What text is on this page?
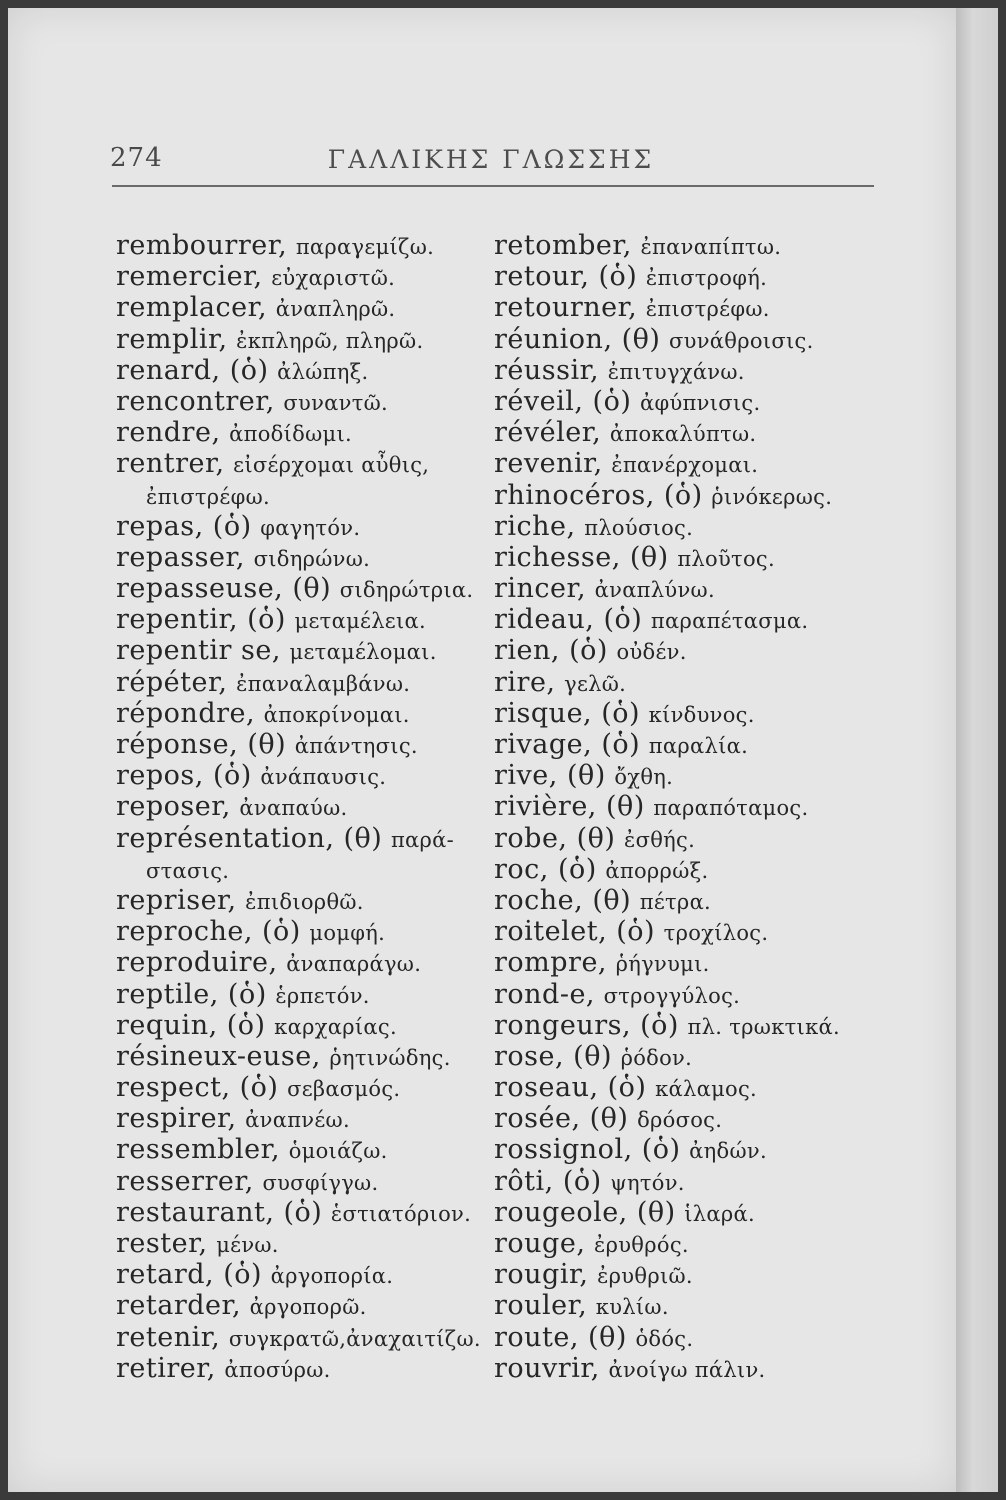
274	ΓΑΛΛΙΚΗΣ ΓΛΩΣΣΗΣ
rembourrer, παραγεμίζω.
remercier, εὐχαριστῶ.
remplacer, ἀναπληρῶ.
remplir, ἐκπληρῶ, πληρῶ.
renard, (ὁ) ἀλώπηξ.
rencontrer, συναντῶ.
rendre, ἀποδίδωμι.
rentrer, εἰσέρχομαι αὖθις,
ἐπιστρέφω.
repas, (ὁ) φαγητόν.
repasser, σιδηρώνω.
repasseuse, (θ) σιδηρώτρια.
repentir, (ὁ) μεταμέλεια.
repentir se, μεταμέλομαι.
répéter, ἐπαναλαμβάνω.
répondre, ἀποκρίνομαι.
réponse, (θ) ἀπάντησις.
repos, (ὁ) ἀνάπαυσις.
reposer, ἀναπαύω.
représentation, (θ) παρά-
στασις.
repriser, ἐπιδιορθῶ.
reproche, (ὁ) μομφή.
reproduire, ἀναπαράγω.
reptile, (ὁ) ἑρπετόν.
requin, (ὁ) καρχαρίας.
résineux-euse, ῥητινώδης.
respect, (ὁ) σεβασμός.
respirer, ἀναπνέω.
ressembler, ὁμοιάζω.
resserrer, συσφίγγω.
restaurant, (ὁ) ἑστιατόριον.
rester, μένω.
retard, (ὁ) ἀργοπορία.
retarder, ἀργοπορῶ.
retenir, συγκρατῶ,ἀναχαιτίζω.
retirer, ἀποσύρω.
retomber, ἐπαναπίπτω.
retour, (ὁ) ἐπιστροφή.
retourner, ἐπιστρέφω.
réunion, (θ) συνάθροισις.
réussir, ἐπιτυγχάνω.
réveil, (ὁ) ἀφύπνισις.
révéler, ἀποκαλύπτω.
revenir, ἐπανέρχομαι.
rhinocéros, (ὁ) ῥινόκερως.
riche, πλούσιος.
richesse, (θ) πλοῦτος.
rincer, ἀναπλύνω.
rideau, (ὁ) παραπέτασμα.
rien, (ὁ) οὐδέν.
rire, γελῶ.
risque, (ὁ) κίνδυνος.
rivage, (ὁ) παραλία.
rive, (θ) ὄχθη.
rivière, (θ) παραπόταμος.
robe, (θ) ἐσθής.
roc, (ὁ) ἀπορρώξ.
roche, (θ) πέτρα.
roitelet, (ὁ) τροχίλος.
rompre, ῥήγνυμι.
rond-e, στρογγύλος.
rongeurs, (ὁ) πλ. τρωκτικά.
rose, (θ) ῥόδον.
roseau, (ὁ) κάλαμος.
rosée, (θ) δρόσος.
rossignol, (ὁ) ἀηδών.
rôti, (ὁ) ψητόν.
rougeole, (θ) ἱλαρά.
rouge, ἐρυθρός.
rougir, ἐρυθριῶ.
rouler, κυλίω.
route, (θ) ὁδός.
rouvrir, ἀνοίγω πάλιν.
